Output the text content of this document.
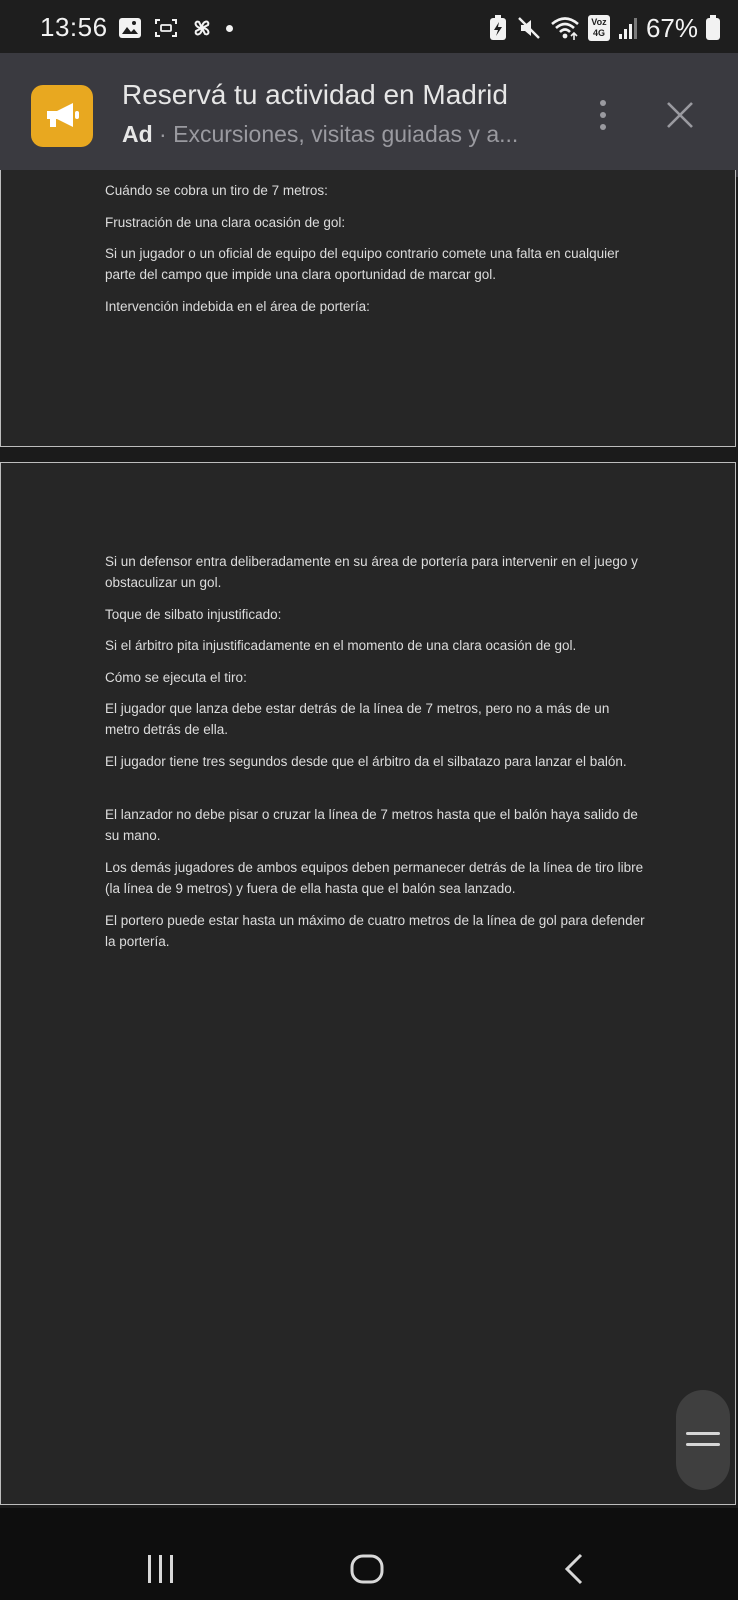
13:56	Voz
4G 67%
Reservá tu actividad en Madrid
Ad · Excursiones, visitas guiadas y a...

Cuándo se cobra un tiro de 7 metros:

Frustración de una clara ocasión de gol:

Si un jugador o un oficial de equipo del equipo contrario comete una falta en cualquier parte del campo que impide una clara oportunidad de marcar gol.

Intervención indebida en el área de portería:

Si un defensor entra deliberadamente en su área de portería para intervenir en el juego y obstaculizar un gol.

Toque de silbato injustificado:

Si el árbitro pita injustificadamente en el momento de una clara ocasión de gol.

Cómo se ejecuta el tiro:

El jugador que lanza debe estar detrás de la línea de 7 metros, pero no a más de un metro detrás de ella.

El jugador tiene tres segundos desde que el árbitro da el silbatazo para lanzar el balón.

El lanzador no debe pisar o cruzar la línea de 7 metros hasta que el balón haya salido de su mano.

Los demás jugadores de ambos equipos deben permanecer detrás de la línea de tiro libre (la línea de 9 metros) y fuera de ella hasta que el balón sea lanzado.

El portero puede estar hasta un máximo de cuatro metros de la línea de gol para defender la portería.
